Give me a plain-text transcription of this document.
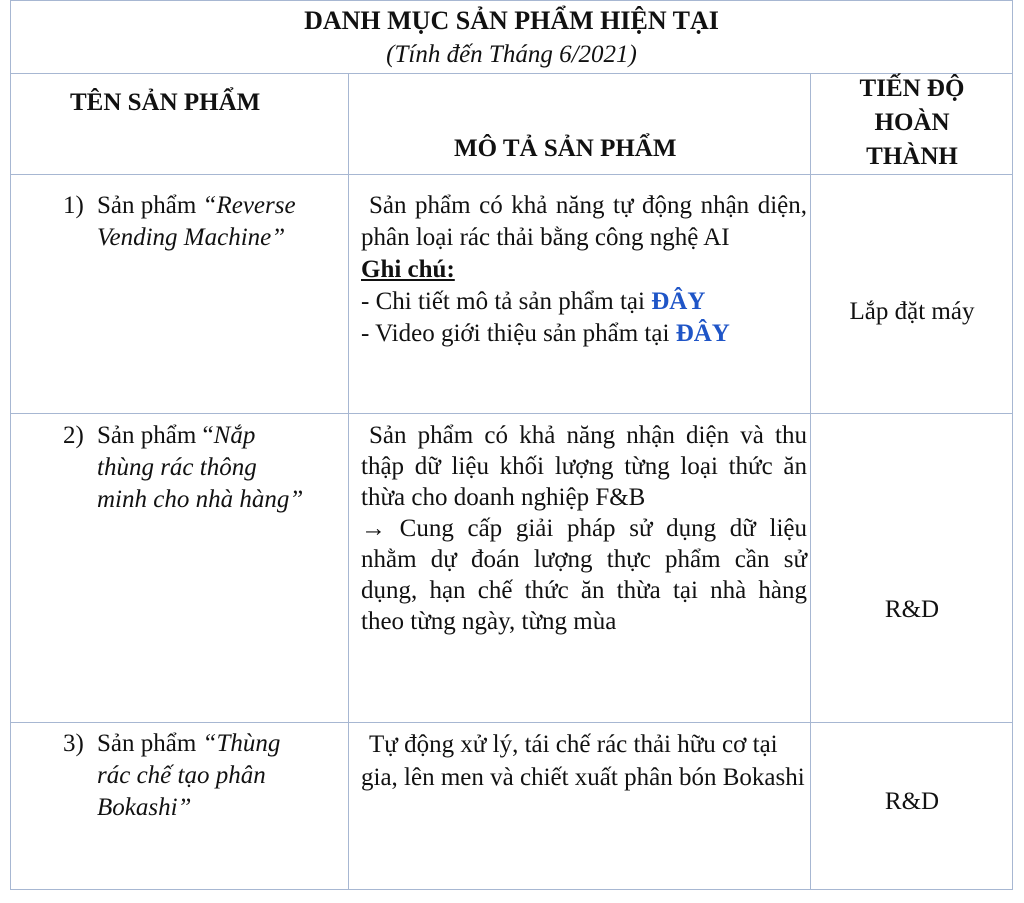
DANH MỤC SẢN PHẨM HIỆN TẠI
(Tính đến Tháng 6/2021)
TÊN SẢN PHẨM
MÔ TẢ SẢN PHẨM
TIẾN ĐỘ
HOÀN
THÀNH
1) Sản phẩm “Reverse
Vending Machine”
Sản phẩm có khả năng tự động nhận diện, phân loại rác thải bằng công nghệ AI
Ghi chú:
- Chi tiết mô tả sản phẩm tại ĐÂY
- Video giới thiệu sản phẩm tại ĐÂY
Lắp đặt máy
2) Sản phẩm “Nắp
thùng rác thông
minh cho nhà hàng”
Sản phẩm có khả năng nhận diện và thu thập dữ liệu khối lượng từng loại thức ăn thừa cho doanh nghiệp F&B
→ Cung cấp giải pháp sử dụng dữ liệu nhằm dự đoán lượng thực phẩm cần sử dụng, hạn chế thức ăn thừa tại nhà hàng theo từng ngày, từng mùa	R&D
3) Sản phẩm “Thùng
rác chế tạo phân
Bokashi”
Tự động xử lý, tái chế rác thải hữu cơ tại gia, lên men và chiết xuất phân bón Bokashi
R&D
